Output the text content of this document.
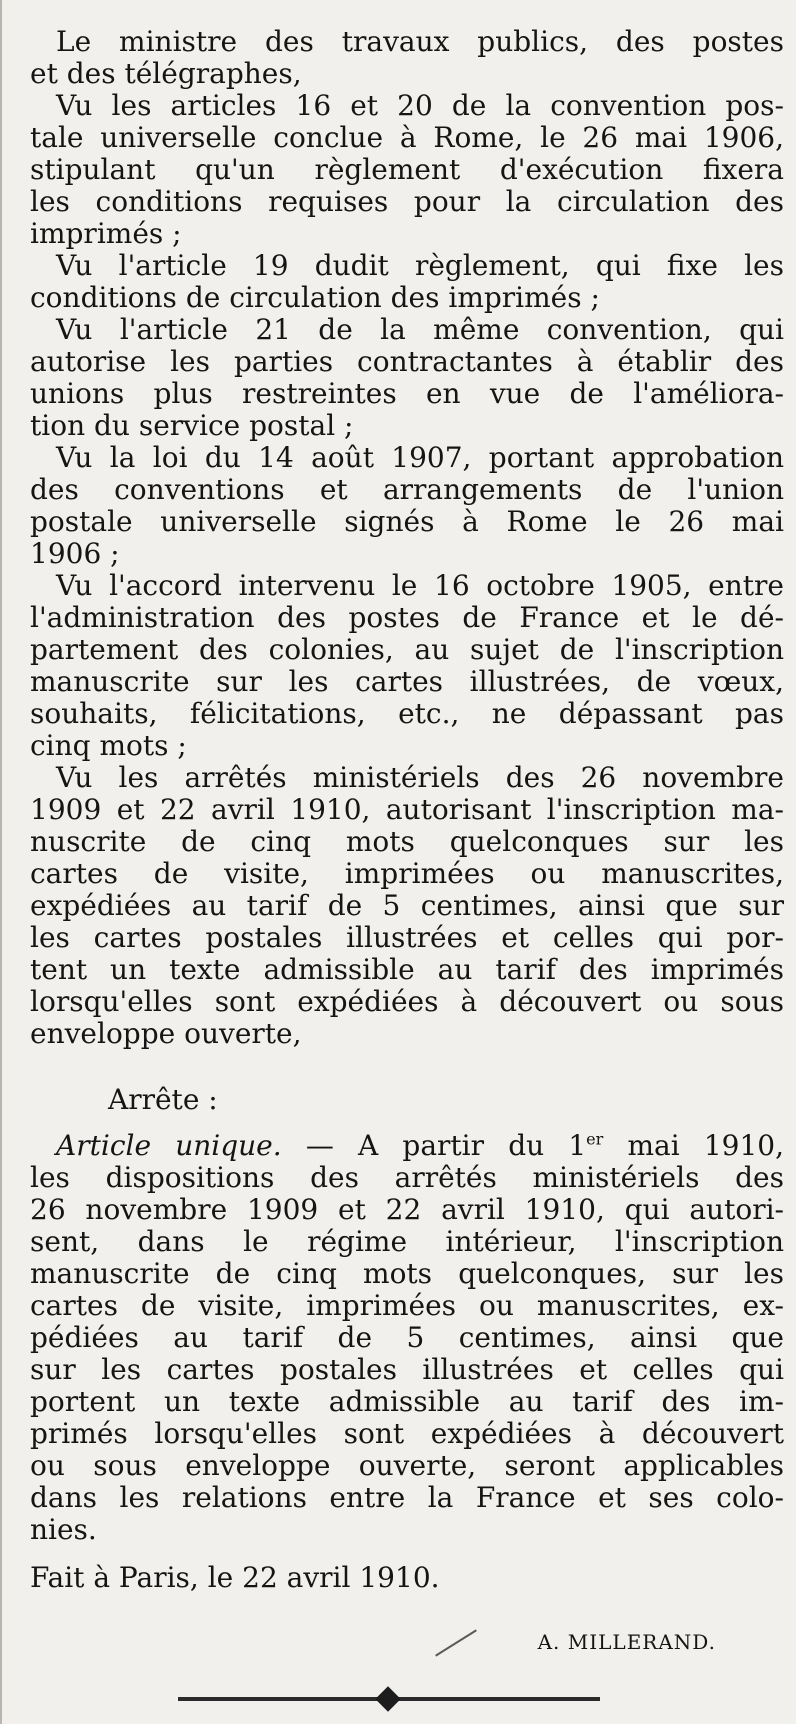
Le ministre des travaux publics, des postes
et des télégraphes,
Vu les articles 16 et 20 de la convention pos-
tale universelle conclue à Rome, le 26 mai 1906,
stipulant qu'un règlement d'exécution fixera
les conditions requises pour la circulation des
imprimés ;
Vu l'article 19 dudit règlement, qui fixe les
conditions de circulation des imprimés ;
Vu l'article 21 de la même convention, qui
autorise les parties contractantes à établir des
unions plus restreintes en vue de l'améliora-
tion du service postal ;
Vu la loi du 14 août 1907, portant approbation
des conventions et arrangements de l'union
postale universelle signés à Rome le 26 mai
1906 ;
Vu l'accord intervenu le 16 octobre 1905, entre
l'administration des postes de France et le dé-
partement des colonies, au sujet de l'inscription
manuscrite sur les cartes illustrées, de vœux,
souhaits, félicitations, etc., ne dépassant pas
cinq mots ;
Vu les arrêtés ministériels des 26 novembre
1909 et 22 avril 1910, autorisant l'inscription ma-
nuscrite de cinq mots quelconques sur les
cartes de visite, imprimées ou manuscrites,
expédiées au tarif de 5 centimes, ainsi que sur
les cartes postales illustrées et celles qui por-
tent un texte admissible au tarif des imprimés
lorsqu'elles sont expédiées à découvert ou sous
enveloppe ouverte,
Arrête :
Article unique. — A partir du 1er mai 1910,
les dispositions des arrêtés ministériels des
26 novembre 1909 et 22 avril 1910, qui autori-
sent, dans le régime intérieur, l'inscription
manuscrite de cinq mots quelconques, sur les
cartes de visite, imprimées ou manuscrites, ex-
pédiées au tarif de 5 centimes, ainsi que
sur les cartes postales illustrées et celles qui
portent un texte admissible au tarif des im-
primés lorsqu'elles sont expédiées à découvert
ou sous enveloppe ouverte, seront applicables
dans les relations entre la France et ses colo-
nies.
Fait à Paris, le 22 avril 1910.
A. MILLERAND.
